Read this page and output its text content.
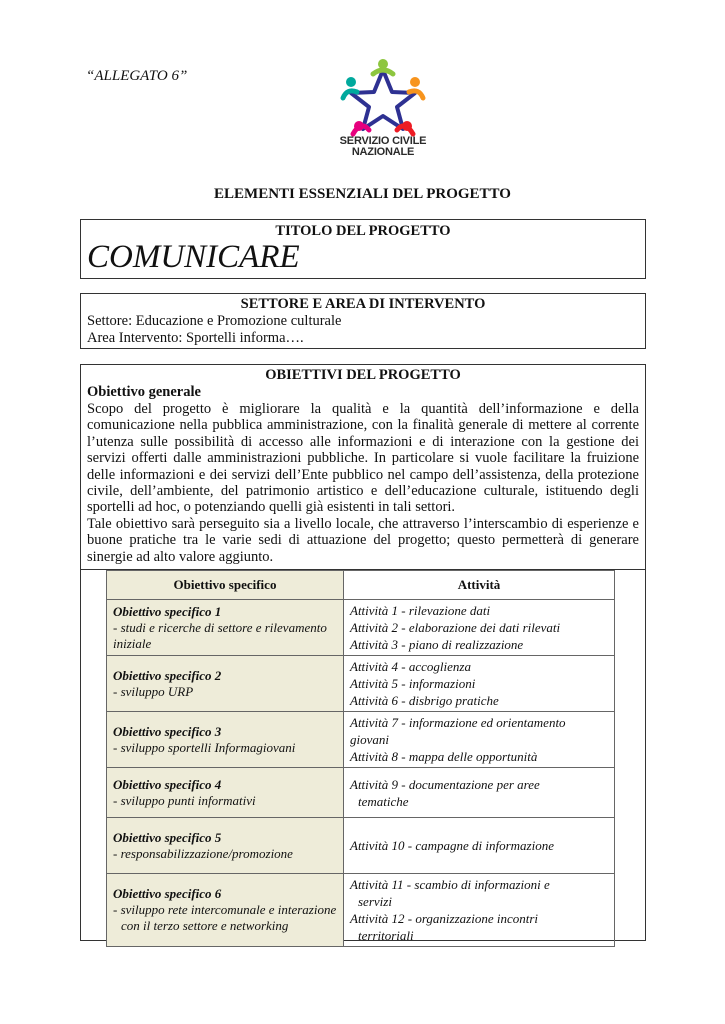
“ALLEGATO 6”
SERVIZIO CIVILE
NAZIONALE
ELEMENTI ESSENZIALI DEL PROGETTO
TITOLO DEL PROGETTO
COMUNICARE
SETTORE E AREA DI INTERVENTO
Settore: Educazione e Promozione culturale
Area Intervento: Sportelli informa….
OBIETTIVI DEL PROGETTO
Obiettivo generale

Scopo del progetto è migliorare la qualità e la quantità dell’informazione e della comunicazione nella pubblica amministrazione, con la finalità generale di mettere al corrente l’utenza sulle possibilità di accesso alle informazioni e di interazione con la gestione dei servizi offerti dalle amministrazioni pubbliche. In particolare si vuole facilitare la fruizione delle informazioni e dei servizi dell’Ente pubblico nel campo dell’assistenza, della protezione civile, dell’ambiente, del patrimonio artistico e dell’educazione culturale, istituendo degli sportelli ad hoc, o potenziando quelli già esistenti in tali settori.

Tale obiettivo sarà perseguito sia a livello locale, che attraverso l’interscambio di esperienze e buone pratiche tra le varie sedi di attuazione del progetto; questo permetterà di generare sinergie ad alto valore aggiunto.

Obiettivo specifico	Attività

Obiettivo specifico 1
- studi e ricerche di settore e rilevamento
iniziale	Attività 1 - rilevazione dati
Attività 2 - elaborazione dei dati rilevati
Attività 3 - piano di realizzazione

Obiettivo specifico 2
- sviluppo URP	Attività 4 - accoglienza
Attività 5 - informazioni
Attività 6 - disbrigo pratiche

Obiettivo specifico 3
- sviluppo sportelli Informagiovani	Attività 7 - informazione ed orientamento
giovani
Attività 8 - mappa delle opportunità

Obiettivo specifico 4
- sviluppo punti informativi	Attività 9 - documentazione per aree
tematiche

Obiettivo specifico 5
- responsabilizzazione/promozione	Attività 10 - campagne di informazione

Obiettivo specifico 6
- sviluppo rete intercomunale e interazione
con il terzo settore e networking	Attività 11 - scambio di informazioni e
servizi
Attività 12 - organizzazione incontri
territoriali
